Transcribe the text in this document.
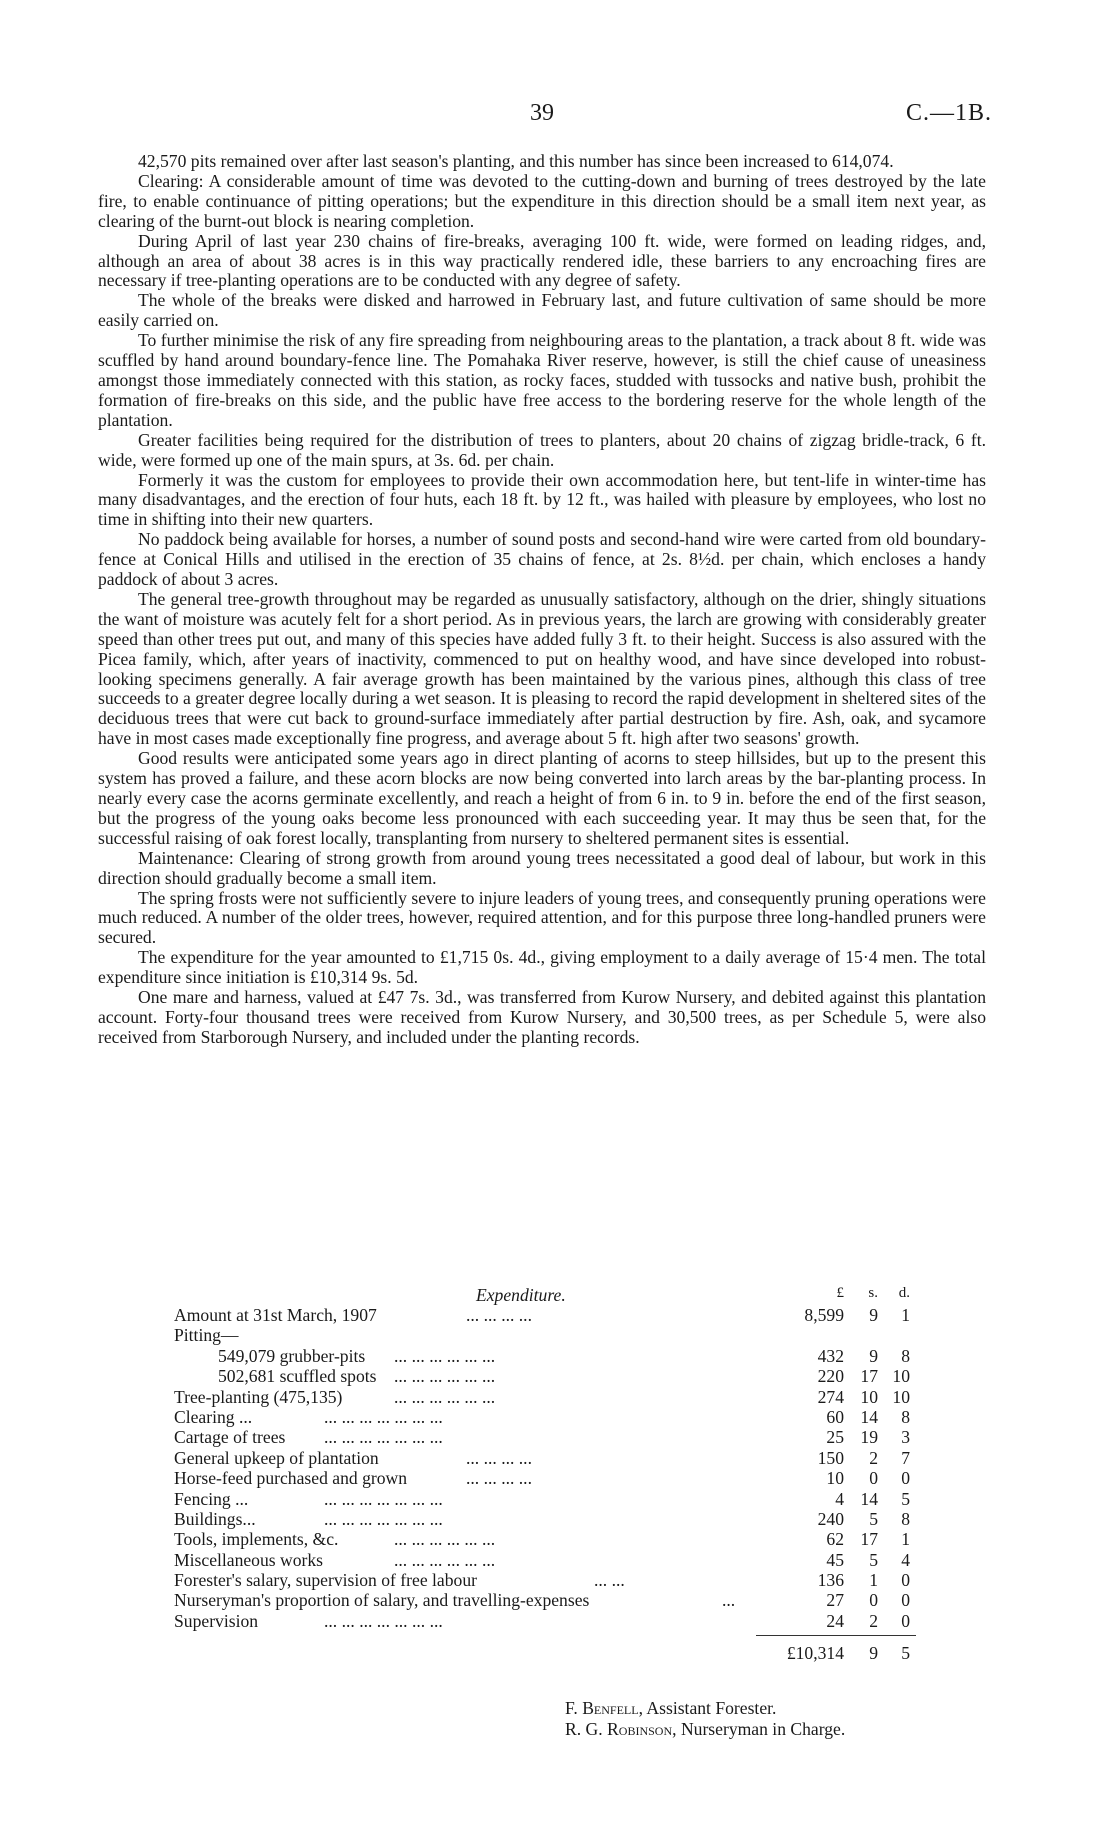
39	C.—1B.

42,570 pits remained over after last season's planting, and this number has since been increased to 614,074.

Clearing: A considerable amount of time was devoted to the cutting-down and burning of trees destroyed by the late fire, to enable continuance of pitting operations; but the expenditure in this direction should be a small item next year, as clearing of the burnt-out block is nearing completion.

During April of last year 230 chains of fire-breaks, averaging 100 ft. wide, were formed on leading ridges, and, although an area of about 38 acres is in this way practically rendered idle, these barriers to any encroaching fires are necessary if tree-planting operations are to be conducted with any degree of safety.

The whole of the breaks were disked and harrowed in February last, and future cultivation of same should be more easily carried on.

To further minimise the risk of any fire spreading from neighbouring areas to the plantation, a track about 8 ft. wide was scuffled by hand around boundary-fence line. The Pomahaka River reserve, however, is still the chief cause of uneasiness amongst those immediately connected with this station, as rocky faces, studded with tussocks and native bush, prohibit the formation of fire-breaks on this side, and the public have free access to the bordering reserve for the whole length of the plantation.

Greater facilities being required for the distribution of trees to planters, about 20 chains of zigzag bridle-track, 6 ft. wide, were formed up one of the main spurs, at 3s. 6d. per chain.

Formerly it was the custom for employees to provide their own accommodation here, but tent-life in winter-time has many disadvantages, and the erection of four huts, each 18 ft. by 12 ft., was hailed with pleasure by employees, who lost no time in shifting into their new quarters.

No paddock being available for horses, a number of sound posts and second-hand wire were carted from old boundary-fence at Conical Hills and utilised in the erection of 35 chains of fence, at 2s. 8½d. per chain, which encloses a handy paddock of about 3 acres.

The general tree-growth throughout may be regarded as unusually satisfactory, although on the drier, shingly situations the want of moisture was acutely felt for a short period. As in previous years, the larch are growing with considerably greater speed than other trees put out, and many of this species have added fully 3 ft. to their height. Success is also assured with the Picea family, which, after years of inactivity, commenced to put on healthy wood, and have since developed into robust-looking specimens generally. A fair average growth has been maintained by the various pines, although this class of tree succeeds to a greater degree locally during a wet season. It is pleasing to record the rapid development in sheltered sites of the deciduous trees that were cut back to ground-surface immediately after partial destruction by fire. Ash, oak, and sycamore have in most cases made exceptionally fine progress, and average about 5 ft. high after two seasons' growth.

Good results were anticipated some years ago in direct planting of acorns to steep hillsides, but up to the present this system has proved a failure, and these acorn blocks are now being converted into larch areas by the bar-planting process. In nearly every case the acorns germinate excellently, and reach a height of from 6 in. to 9 in. before the end of the first season, but the progress of the young oaks become less pronounced with each succeeding year. It may thus be seen that, for the successful raising of oak forest locally, transplanting from nursery to sheltered permanent sites is essential.

Maintenance: Clearing of strong growth from around young trees necessitated a good deal of labour, but work in this direction should gradually become a small item.

The spring frosts were not sufficiently severe to injure leaders of young trees, and consequently pruning operations were much reduced. A number of the older trees, however, required attention, and for this purpose three long-handled pruners were secured.

The expenditure for the year amounted to £1,715 0s. 4d., giving employment to a daily average of 15·4 men. The total expenditure since initiation is £10,314 9s. 5d.

One mare and harness, valued at £47 7s. 3d., was transferred from Kurow Nursery, and debited against this plantation account. Forty-four thousand trees were received from Kurow Nursery, and 30,500 trees, as per Schedule 5, were also received from Starborough Nursery, and included under the planting records.

Expenditure.	£	s.	d.
Amount at 31st March, 1907	... ... ... ...	8,599	9	1
Pitting—
549,079 grubber-pits ... ... ... ... ... ...	432	9	8
502,681 scuffled spots ... ... ... ... ... ...	220 17 10
Tree-planting (475,135)	... ... ... ... ... ...	274 10 10
Clearing ...	... ... ... ... ... ... ...	60 14	8
Cartage of trees ... ... ... ... ... ... ...	25 19	3
General upkeep of plantation	... ... ... ...	150	2	7
Horse-feed purchased and grown	... ... ... ...	10	0	0
Fencing ...	... ... ... ... ... ... ...	4 14	5
Buildings...	... ... ... ... ... ... ...	240	5	8
Tools, implements, &c.	... ... ... ... ... ...	62 17	1
Miscellaneous works	... ... ... ... ... ...	45	5	4
Forester's salary, supervision of free labour	... ...	136	1	0
Nurseryman's proportion of salary, and travelling-expenses	...	27	0	0
Supervision	... ... ... ... ... ... ...	24	2	0
£10,314	9	5
F. Benfell, Assistant Forester.
R. G. Robinson, Nurseryman in Charge.
